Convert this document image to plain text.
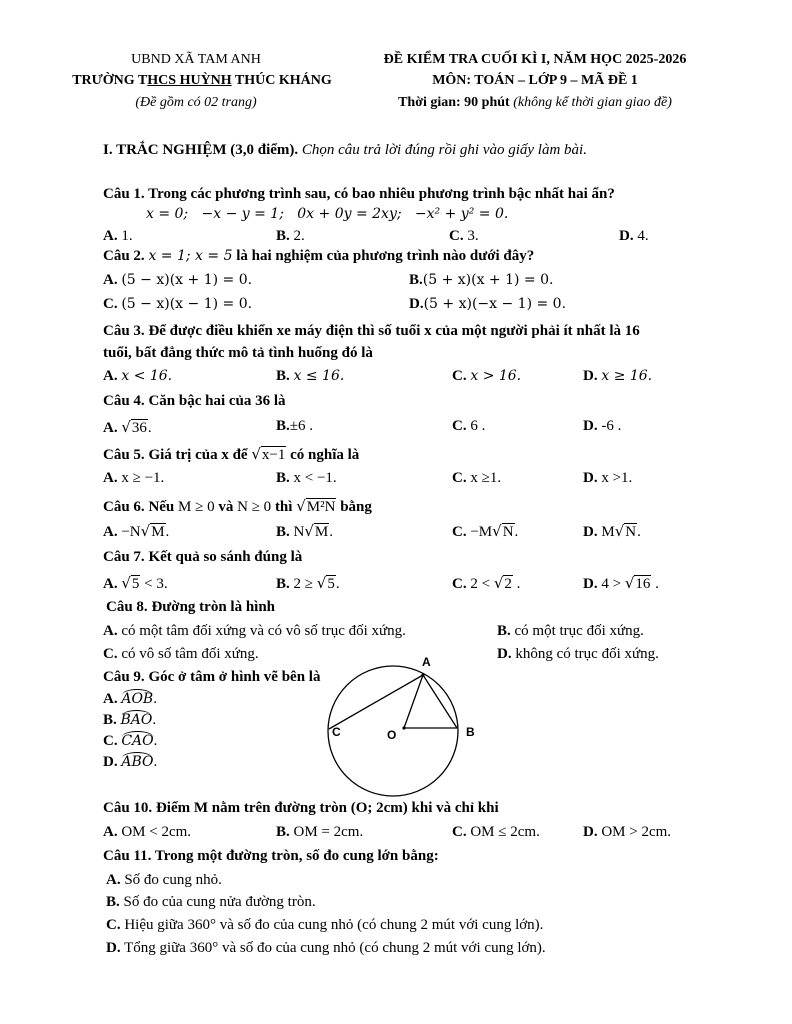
UBND XÃ TAM ANH
TRƯỜNG THCS HUỲNH THÚC KHÁNG
(Đề gồm có 02 trang)
ĐỀ KIỂM TRA CUỐI KÌ I, NĂM HỌC 2025-2026
MÔN: TOÁN – LỚP 9 – MÃ ĐỀ 1
Thời gian: 90 phút (không kể thời gian giao đề)
I. TRẮC NGHIỆM (3,0 điểm). Chọn câu trả lời đúng rồi ghi vào giấy làm bài.
Câu 1. Trong các phương trình sau, có bao nhiêu phương trình bậc nhất hai ẩn?
x = 0;   −x − y = 1;   0x + 0y = 2xy;   −x² + y² = 0.
A. 1.	B. 2.	C. 3.	D. 4.
Câu 2. x = 1; x = 5 là hai nghiệm của phương trình nào dưới đây?
A. (5 − x)(x + 1) = 0.	B.(5 + x)(x + 1) = 0.
C. (5 − x)(x − 1) = 0.	D.(5 + x)(−x − 1) = 0.
Câu 3. Để được điều khiển xe máy điện thì số tuổi x của một người phải ít nhất là 16
tuổi, bất đẳng thức mô tả tình huống đó là
A. x < 16.	B. x ≤ 16.	C. x > 16.	D. x ≥ 16.
Câu 4. Căn bậc hai của 36 là
A. √36.	B.±6 .	C. 6 .	D. -6 .
Câu 5. Giá trị của x để √x−1 có nghĩa là
A. x ≥ −1.	B. x < −1.	C. x ≥1.	D. x >1.
Câu 6. Nếu M ≥ 0 và N ≥ 0 thì √M²N bằng
A. −N√M.	B. N√M.	C. −M√N.	D. M√N.
Câu 7. Kết quả so sánh đúng là
A. √5 < 3.	B. 2 ≥ √5.	C. 2 < √2 .	D. 4 > √16 .
Câu 8. Đường tròn là hình
A. có một tâm đối xứng và có vô số trục đối xứng.	B. có một trục đối xứng.
C. có vô số tâm đối xứng.	D. không có trục đối xứng.
Câu 9. Góc ở tâm ở hình vẽ bên là
A. AOB.
B. BAO.
C. CAO.
D. ABO.
A
B
C	O
Câu 10. Điểm M nằm trên đường tròn (O; 2cm) khi và chỉ khi
A. OM < 2cm.	B. OM = 2cm.	C. OM ≤ 2cm.	D. OM > 2cm.
Câu 11. Trong một đường tròn, số đo cung lớn bằng:
A. Số đo cung nhỏ.
B. Số đo của cung nửa đường tròn.
C. Hiệu giữa 360° và số đo của cung nhỏ (có chung 2 mút với cung lớn).
D. Tổng giữa 360° và số đo của cung nhỏ (có chung 2 mút với cung lớn).
